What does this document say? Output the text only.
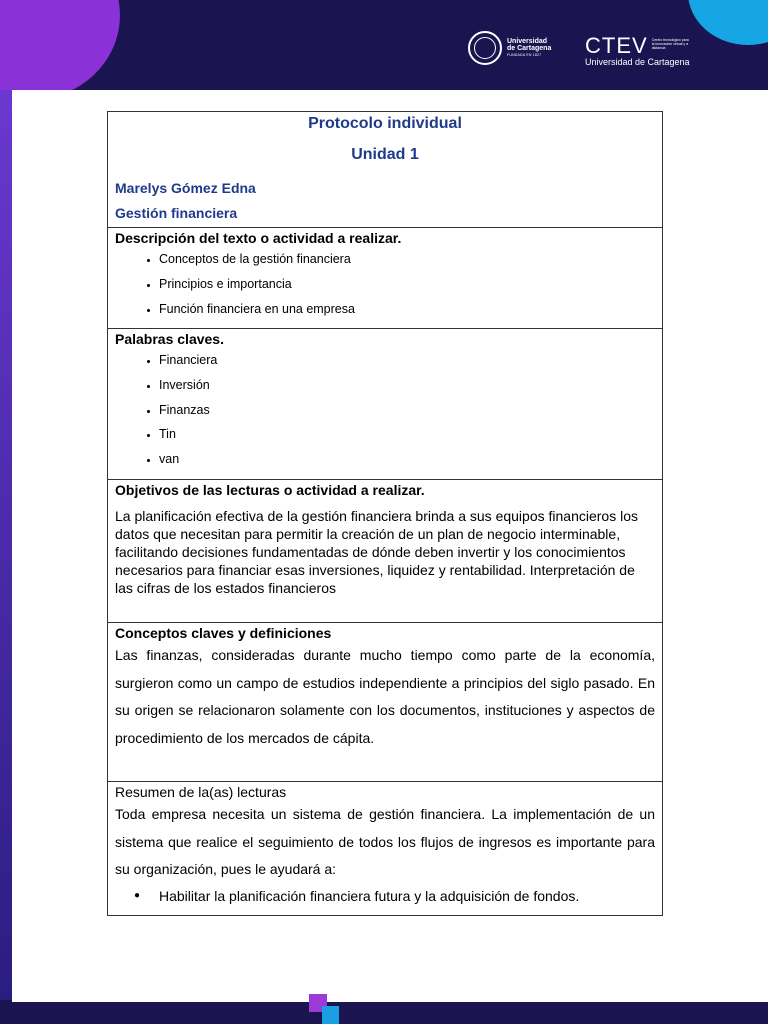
Universidad
de Cartagena
FUNDADA EN 1827	CTEV Centro tecnológico para la innovación virtual y a distancia
Universidad de Cartagena
Protocolo individual
Unidad 1
Marelys Gómez Edna
Gestión financiera

Descripción del texto o actividad a realizar.
• Conceptos de la gestión financiera
• Principios e importancia
• Función financiera en una empresa

Palabras claves.
• Financiera
• Inversión
• Finanzas
• Tin
• van

Objetivos de las lecturas o actividad a realizar.
La planificación efectiva de la gestión financiera brinda a sus equipos financieros los datos que necesitan para permitir la creación de un plan de negocio interminable, facilitando decisiones fundamentadas de dónde deben invertir y los conocimientos necesarios para financiar esas inversiones, liquidez y rentabilidad. Interpretación de las cifras de los estados financieros

Conceptos claves y definiciones
Las finanzas, consideradas durante mucho tiempo como parte de la economía, surgieron como un campo de estudios independiente a principios del siglo pasado. En su origen se relacionaron solamente con los documentos, instituciones y aspectos de procedimiento de los mercados de cápita.

Resumen de la(as) lecturas
Toda empresa necesita un sistema de gestión financiera. La implementación de un sistema que realice el seguimiento de todos los flujos de ingresos es importante para su organización, pues le ayudará a:
●	Habilitar la planificación financiera futura y la adquisición de fondos.
